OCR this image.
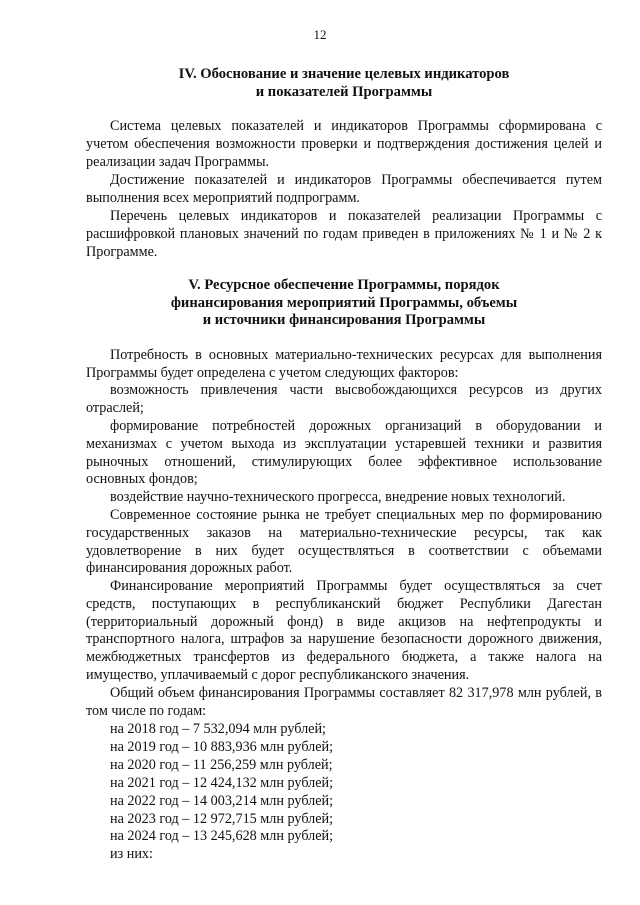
12
IV. Обоснование и значение целевых индикаторов
и показателей Программы

Система целевых показателей и индикаторов Программы сформирована с учетом обеспечения возможности проверки и подтверждения достижения целей и реализации задач Программы.

Достижение показателей и индикаторов Программы обеспечивается путем выполнения всех мероприятий подпрограмм.

Перечень целевых индикаторов и показателей реализации Программы с расшифровкой плановых значений по годам приведен в приложениях № 1 и № 2 к Программе.

V. Ресурсное обеспечение Программы, порядок
финансирования мероприятий Программы, объемы
и источники финансирования Программы

Потребность в основных материально-технических ресурсах для выполнения Программы будет определена с учетом следующих факторов:

возможность привлечения части высвобождающихся ресурсов из других отраслей;

формирование потребностей дорожных организаций в оборудовании и механизмах с учетом выхода из эксплуатации устаревшей техники и развития рыночных отношений, стимулирующих более эффективное использование основных фондов;

воздействие научно-технического прогресса, внедрение новых технологий.

Современное состояние рынка не требует специальных мер по формированию государственных заказов на материально-технические ресурсы, так как удовлетворение в них будет осуществляться в соответствии с объемами финансирования дорожных работ.

Финансирование мероприятий Программы будет осуществляться за счет средств, поступающих в республиканский бюджет Республики Дагестан (территориальный дорожный фонд) в виде акцизов на нефтепродукты и транспортного налога, штрафов за нарушение безопасности дорожного движения, межбюджетных трансфертов из федерального бюджета, а также налога на имущество, уплачиваемый с дорог республиканского значения.

Общий объем финансирования Программы составляет 82 317,978 млн рублей, в том числе по годам:

на 2018 год – 7 532,094 млн рублей;
на 2019 год – 10 883,936 млн рублей;
на 2020 год – 11 256,259 млн рублей;
на 2021 год – 12 424,132 млн рублей;
на 2022 год – 14 003,214 млн рублей;
на 2023 год – 12 972,715 млн рублей;
на 2024 год – 13 245,628 млн рублей;
из них:
